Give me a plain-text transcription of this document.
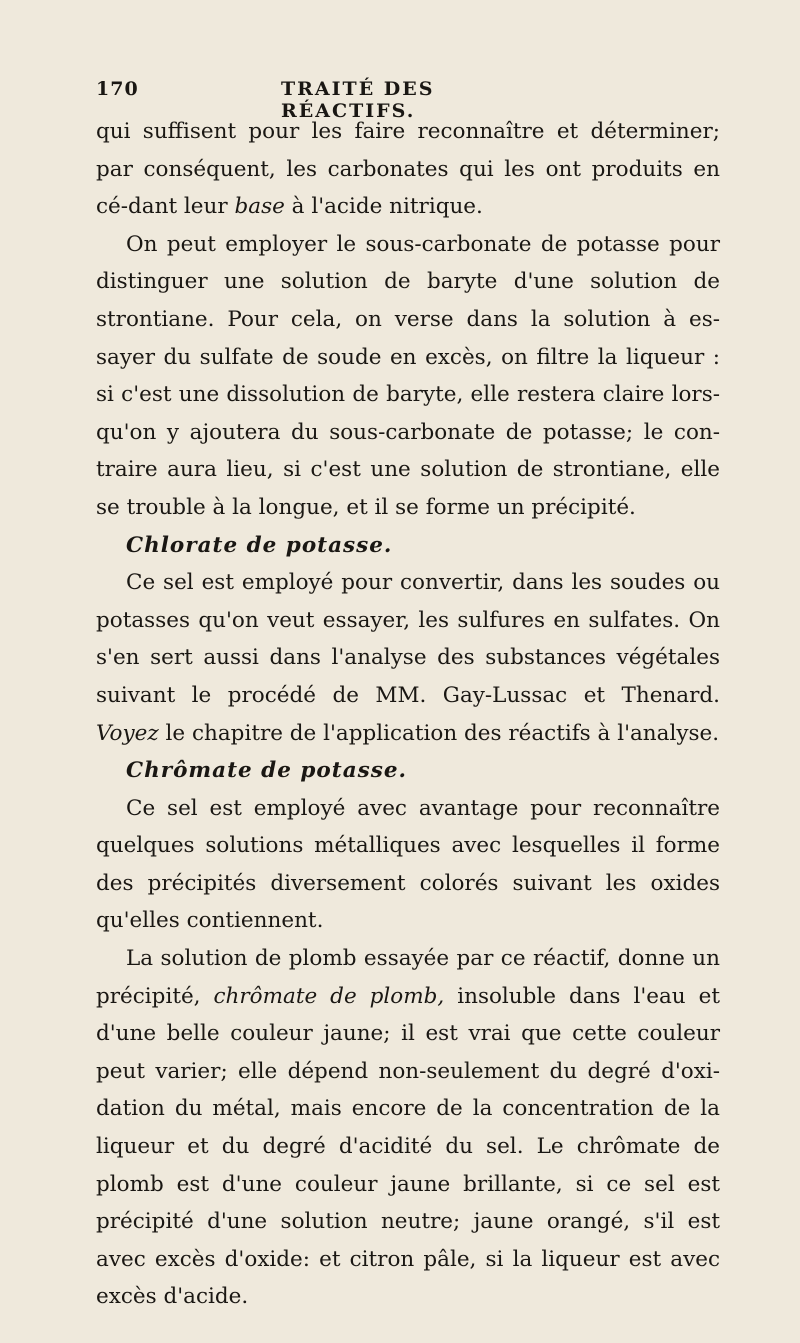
170	TRAITÉ DES RÉACTIFS.

qui suffisent pour les faire reconnaître et déterminer; par conséquent, les carbonates qui les ont produits en cé-dant leur base à l'acide nitrique.

On peut employer le sous-carbonate de potasse pour distinguer une solution de baryte d'une solution de strontiane. Pour cela, on verse dans la solution à es-sayer du sulfate de soude en excès, on filtre la liqueur : si c'est une dissolution de baryte, elle restera claire lors-qu'on y ajoutera du sous-carbonate de potasse; le con-traire aura lieu, si c'est une solution de strontiane, elle se trouble à la longue, et il se forme un précipité.

Chlorate de potasse.

Ce sel est employé pour convertir, dans les soudes ou potasses qu'on veut essayer, les sulfures en sulfates. On s'en sert aussi dans l'analyse des substances végétales suivant le procédé de MM. Gay-Lussac et Thenard. Voyez le chapitre de l'application des réactifs à l'analyse.

Chrômate de potasse.

Ce sel est employé avec avantage pour reconnaître quelques solutions métalliques avec lesquelles il forme des précipités diversement colorés suivant les oxides qu'elles contiennent.

La solution de plomb essayée par ce réactif, donne un précipité, chrômate de plomb, insoluble dans l'eau et d'une belle couleur jaune; il est vrai que cette couleur peut varier; elle dépend non-seulement du degré d'oxi-dation du métal, mais encore de la concentration de la liqueur et du degré d'acidité du sel. Le chrômate de plomb est d'une couleur jaune brillante, si ce sel est précipité d'une solution neutre; jaune orangé, s'il est avec excès d'oxide: et citron pâle, si la liqueur est avec excès d'acide.
